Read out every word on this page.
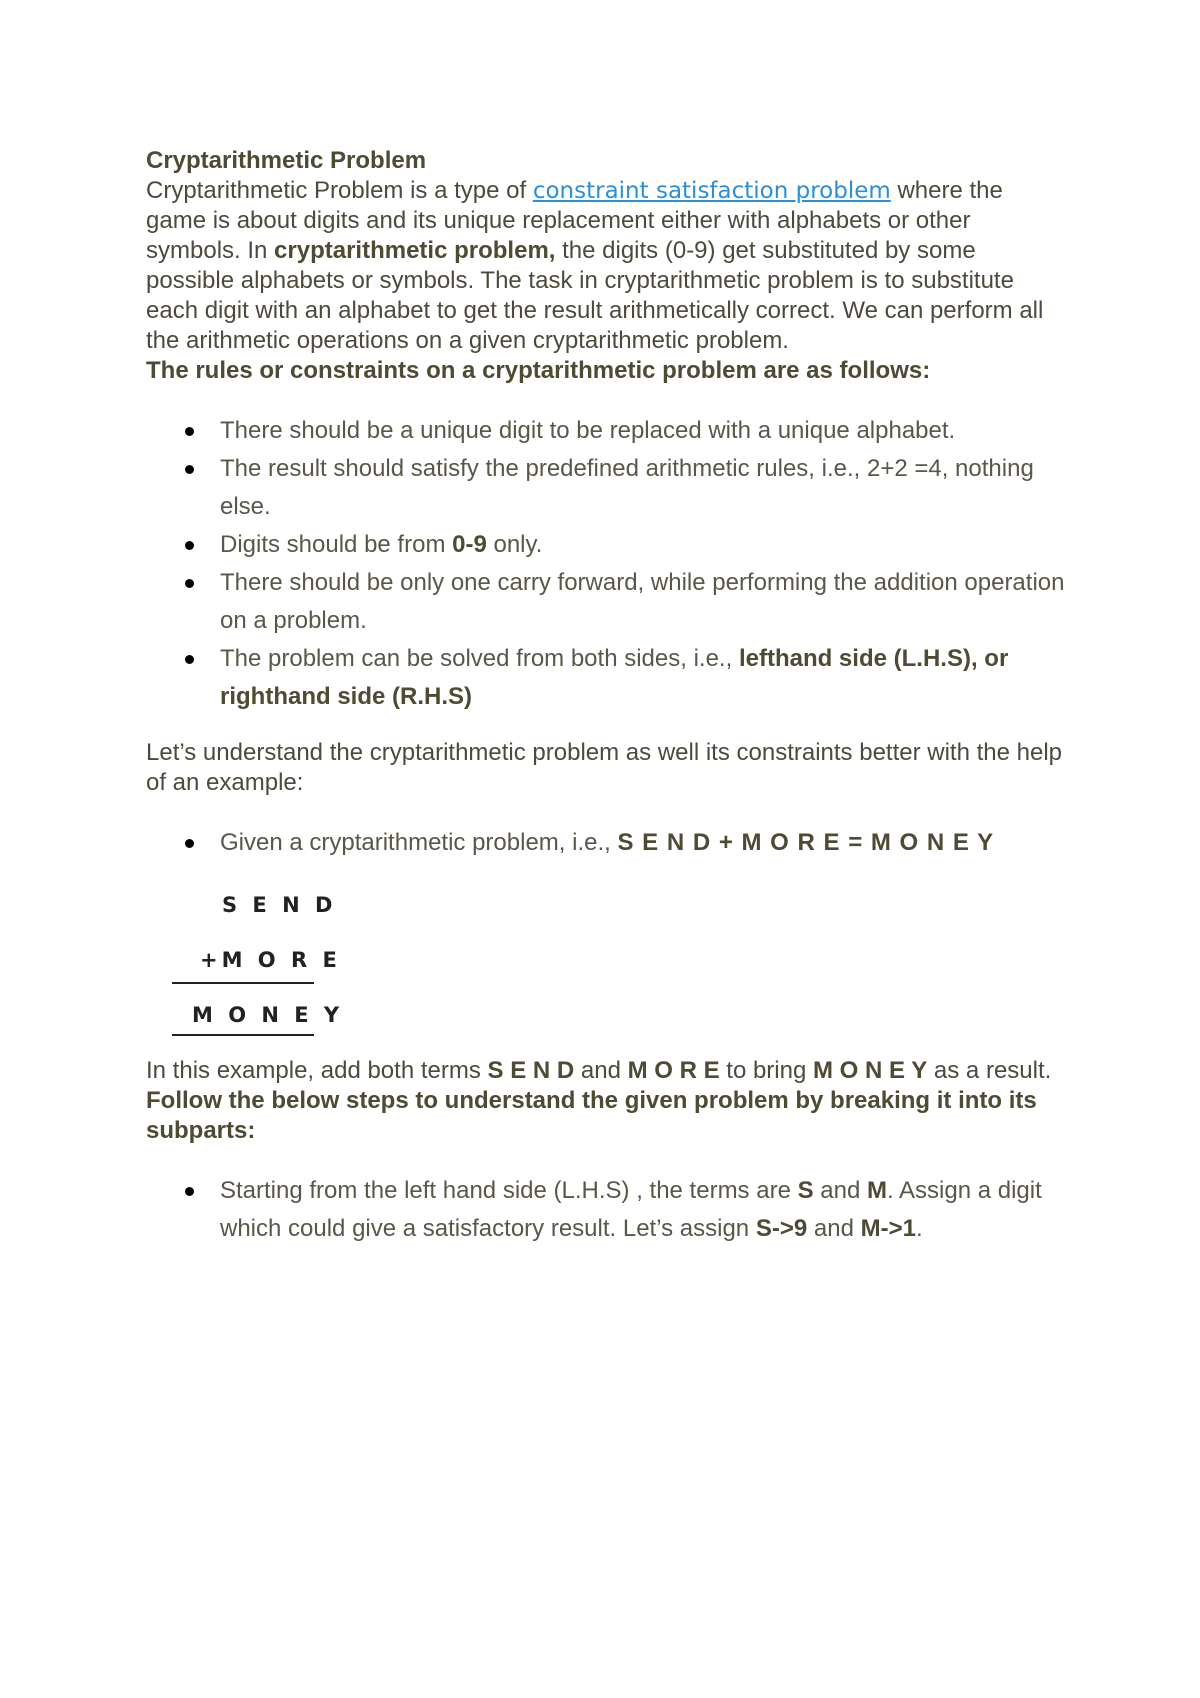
Cryptarithmetic Problem

Cryptarithmetic Problem is a type of constraint satisfaction problem where the game is about digits and its unique replacement either with alphabets or other symbols. In cryptarithmetic problem, the digits (0-9) get substituted by some possible alphabets or symbols. The task in cryptarithmetic problem is to substitute each digit with an alphabet to get the result arithmetically correct. We can perform all the arithmetic operations on a given cryptarithmetic problem.

The rules or constraints on a cryptarithmetic problem are as follows:

There should be a unique digit to be replaced with a unique alphabet.
The result should satisfy the predefined arithmetic rules, i.e., 2+2 =4, nothing else.
Digits should be from 0-9 only.
There should be only one carry forward, while performing the addition operation on a problem.
The problem can be solved from both sides, i.e., lefthand side (L.H.S), or righthand side (R.H.S)

Let’s understand the cryptarithmetic problem as well its constraints better with the help of an example:

Given a cryptarithmetic problem, i.e., S E N D + M O R E = M O N E Y
S E N D
+M O R E
M O N E Y

In this example, add both terms S E N D and M O R E to bring M O N E Y as a result.

Follow the below steps to understand the given problem by breaking it into its subparts:

Starting from the left hand side (L.H.S) , the terms are S and M. Assign a digit which could give a satisfactory result. Let’s assign S->9 and M->1.
